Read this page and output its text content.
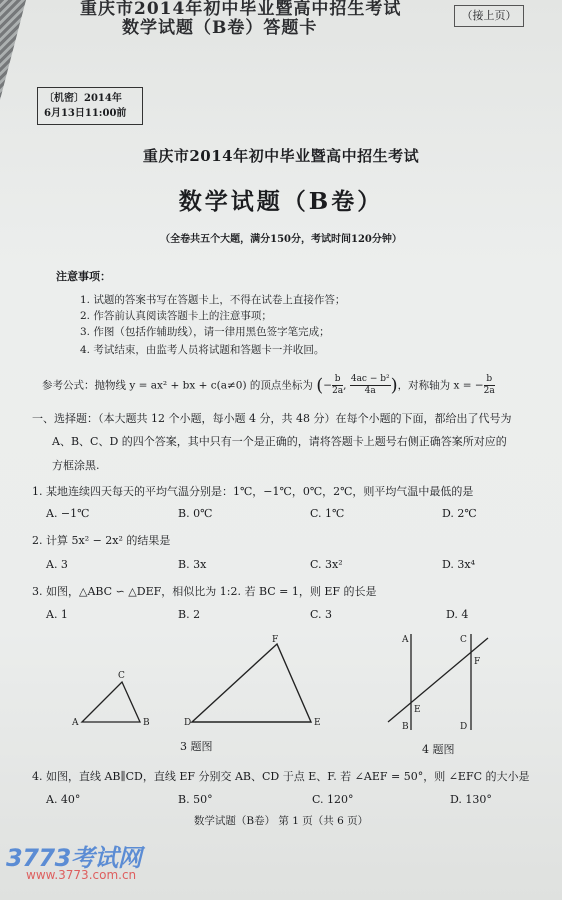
重庆市2014年初中毕业暨高中招生考试
数学试题（B卷）答题卡
（接上页）
〔机密〕2014年
6月13日11:00前
重庆市2014年初中毕业暨高中招生考试
数学试题（B卷）
（全卷共五个大题，满分150分，考试时间120分钟）
注意事项：
1. 试题的答案书写在答题卡上，不得在试卷上直接作答；
2. 作答前认真阅读答题卡上的注意事项；
3. 作图（包括作辅助线），请一律用黑色签字笔完成；
4. 考试结束，由监考人员将试题和答题卡一并收回。
参考公式：抛物线 y = ax² + bx + c(a≠0) 的顶点坐标为 (− $\frac{b}{2a}$ , $\frac{\text{4ac − b²}}{4a}$ )，对称轴为 x = − $\frac{b}{2a}$
一、选择题：（本大题共 12 个小题，每小题 4 分，共 48 分）在每个小题的下面，都给出了代号为
A、B、C、D 的四个答案，其中只有一个是正确的，请将答题卡上题号右侧正确答案所对应的
方框涂黑.
1. 某地连续四天每天的平均气温分别是：1℃，−1℃，0℃，2℃，则平均气温中最低的是
A. −1℃	B. 0℃	C. 1℃	D. 2℃
2. 计算 5x² − 2x² 的结果是
A. 3	B. 3x	C. 3x²	D. 3x⁴
3. 如图，△ABC ∽ △DEF，相似比为 1:2. 若 BC = 1，则 EF 的长是
A. 1	B. 2	C. 3	D. 4
A	B
C
D	E
F
3 题图
A
B
C
D
E
F
4 题图
4. 如图，直线 AB∥CD，直线 EF 分别交 AB、CD 于点 E、F. 若 ∠AEF = 50°，则 ∠EFC 的大小是
A. 40°	B. 50°	C. 120°	D. 130°
数学试题（B卷） 第 1 页（共 6 页）
3773考试网
www.3773.com.cn
